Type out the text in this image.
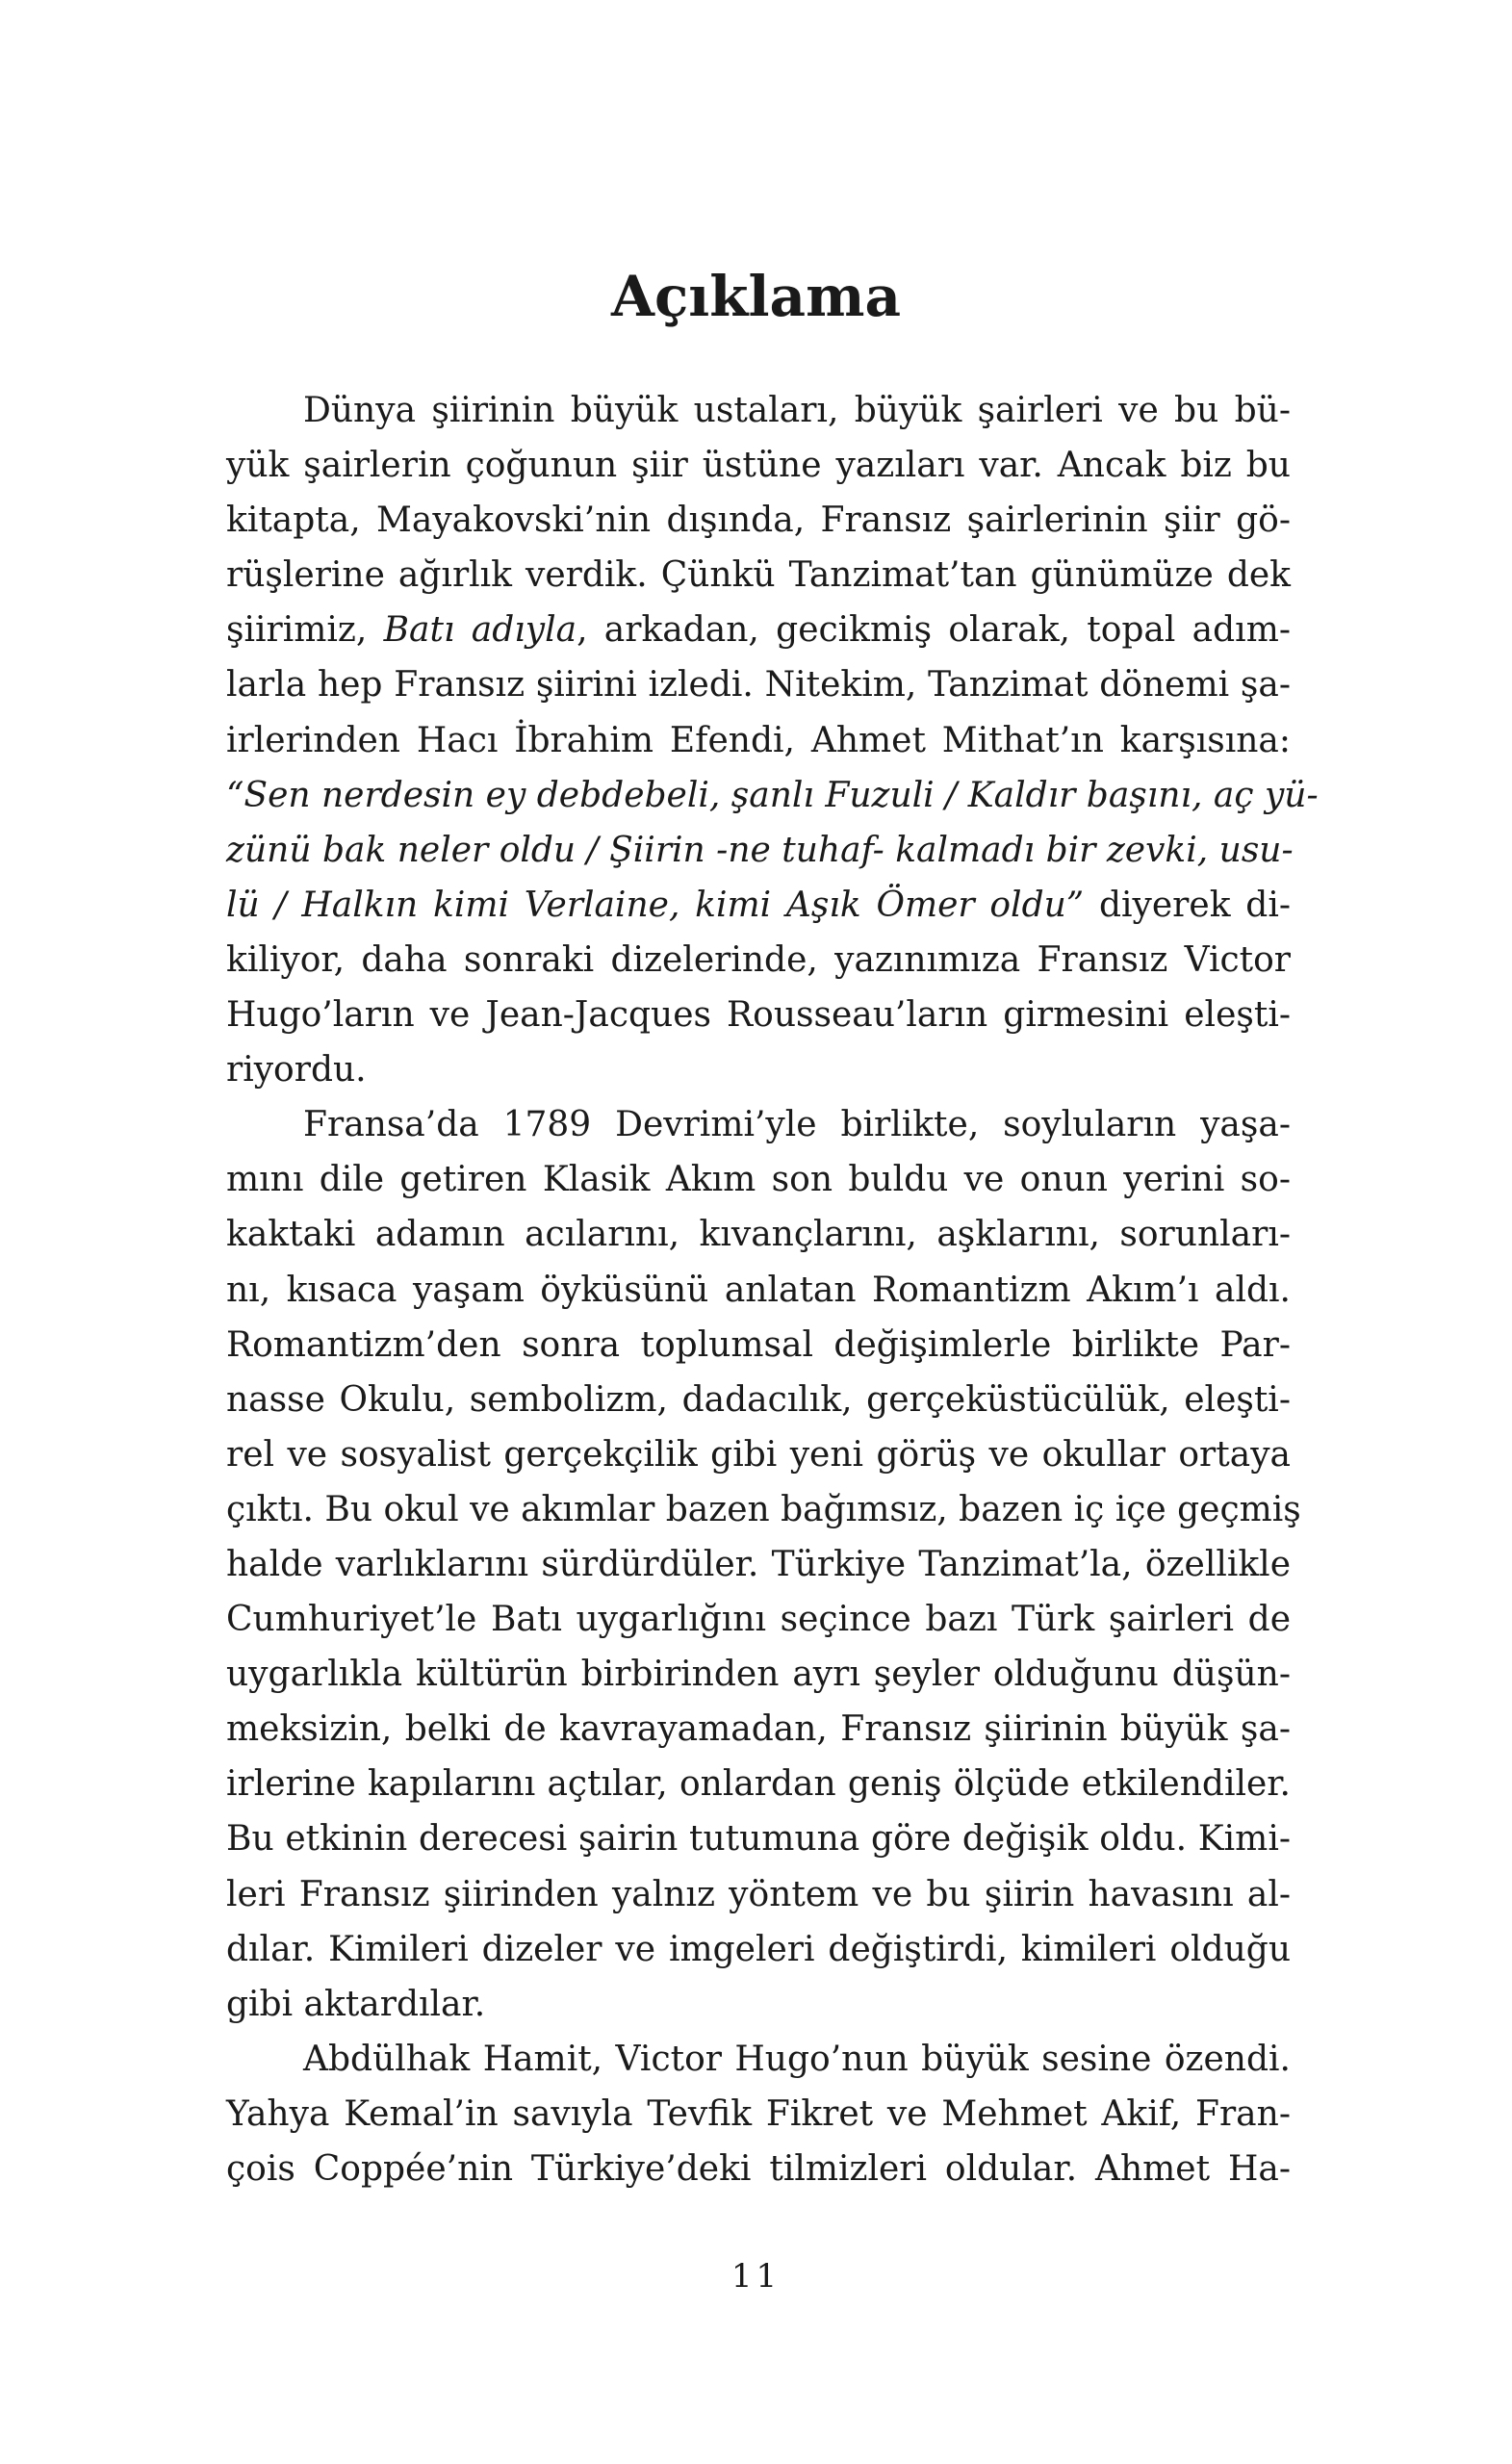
Açıklama
Dünya şiirinin büyük ustaları, büyük şairleri ve bu bü-
yük şairlerin çoğunun şiir üstüne yazıları var. Ancak biz bu
kitapta, Mayakovski’nin dışında, Fransız şairlerinin şiir gö-
rüşlerine ağırlık verdik. Çünkü Tanzimat’tan günümüze dek
şiirimiz, Batı adıyla, arkadan, gecikmiş olarak, topal adım-
larla hep Fransız şiirini izledi. Nitekim, Tanzimat dönemi şa-
irlerinden Hacı İbrahim Efendi, Ahmet Mithat’ın karşısına:
“Sen nerdesin ey debdebeli, şanlı Fuzuli / Kaldır başını, aç yü-
zünü bak neler oldu / Şiirin -ne tuhaf- kalmadı bir zevki, usu-
lü / Halkın kimi Verlaine, kimi Aşık Ömer oldu” diyerek di-
kiliyor, daha sonraki dizelerinde, yazınımıza Fransız Victor
Hugo’ların ve Jean-Jacques Rousseau’ların girmesini eleşti-
riyordu.
Fransa’da 1789 Devrimi’yle birlikte, soyluların yaşa-
mını dile getiren Klasik Akım son buldu ve onun yerini so-
kaktaki adamın acılarını, kıvançlarını, aşklarını, sorunları-
nı, kısaca yaşam öyküsünü anlatan Romantizm Akım’ı aldı.
Romantizm’den sonra toplumsal değişimlerle birlikte Par-
nasse Okulu, sembolizm, dadacılık, gerçeküstücülük, eleşti-
rel ve sosyalist gerçekçilik gibi yeni görüş ve okullar ortaya
çıktı. Bu okul ve akımlar bazen bağımsız, bazen iç içe geçmiş
halde varlıklarını sürdürdüler. Türkiye Tanzimat’la, özellikle
Cumhuriyet’le Batı uygarlığını seçince bazı Türk şairleri de
uygarlıkla kültürün birbirinden ayrı şeyler olduğunu düşün-
meksizin, belki de kavrayamadan, Fransız şiirinin büyük şa-
irlerine kapılarını açtılar, onlardan geniş ölçüde etkilendiler.
Bu etkinin derecesi şairin tutumuna göre değişik oldu. Kimi-
leri Fransız şiirinden yalnız yöntem ve bu şiirin havasını al-
dılar. Kimileri dizeler ve imgeleri değiştirdi, kimileri olduğu
gibi aktardılar.
Abdülhak Hamit, Victor Hugo’nun büyük sesine özendi.
Yahya Kemal’in savıyla Tevfik Fikret ve Mehmet Akif, Fran-
çois Coppée’nin Türkiye’deki tilmizleri oldular. Ahmet Ha-
11
